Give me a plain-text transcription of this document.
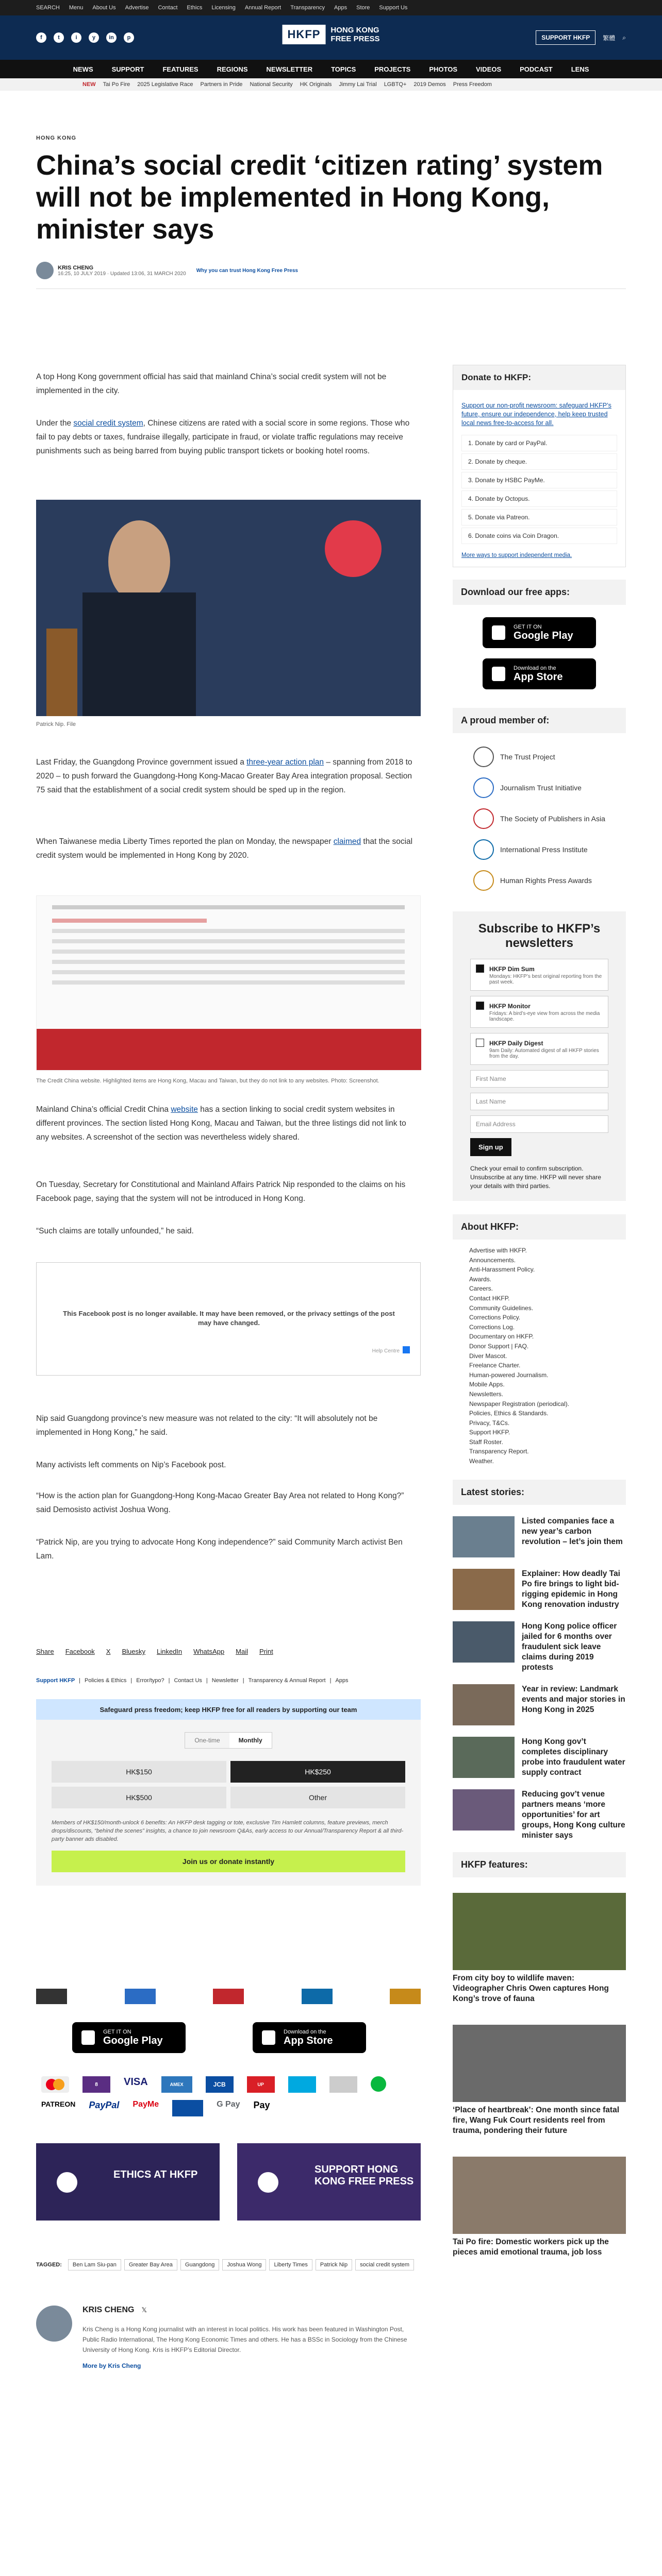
SEARCH Menu About Us Advertise Contact Ethics Licensing Annual Report Transparency Apps Store Support Us
f	t	i	y	in	p	HKFP	HONG KONG
FREE PRESS	SUPPORT HKFP	繁體 ⌕
NEWS	SUPPORT	FEATURES	REGIONS	NEWSLETTER	TOPICS	PROJECTS	PHOTOS	VIDEOS	PODCAST	LENS
NEW Tai Po Fire 2025 Legislative Race Partners in Pride National Security HK Originals Jimmy Lai Trial LGBTQ+ 2019 Demos Press Freedom
HONG KONG
China’s social credit ‘citizen rating’ system will not be implemented in Hong Kong, minister says
KRIS CHENG
16:25, 10 JULY 2019 · Updated 13:06, 31 MARCH 2020
Why you can trust Hong Kong Free Press

A top Hong Kong government official has said that mainland China’s social credit system will not be implemented in the city.

Under the social credit system, Chinese citizens are rated with a social score in some regions. Those who fail to pay debts or taxes, fundraise illegally, participate in fraud, or violate traffic regulations may receive punishments such as being barred from buying public transport tickets or booking hotel rooms.

Patrick Nip. File

Last Friday, the Guangdong Province government issued a three-year action plan – spanning from 2018 to 2020 – to push forward the Guangdong-Hong Kong-Macao Greater Bay Area integration proposal. Section 75 said that the establishment of a social credit system should be sped up in the region.

When Taiwanese media Liberty Times reported the plan on Monday, the newspaper claimed that the social credit system would be implemented in Hong Kong by 2020.

The Credit China website. Highlighted items are Hong Kong, Macau and Taiwan, but they do not link to any websites. Photo: Screenshot.

Mainland China’s official Credit China website has a section linking to social credit system websites in different provinces. The section listed Hong Kong, Macau and Taiwan, but the three listings did not link to any websites. A screenshot of the section was nevertheless widely shared.

On Tuesday, Secretary for Constitutional and Mainland Affairs Patrick Nip responded to the claims on his Facebook page, saying that the system will not be introduced in Hong Kong.

“Such claims are totally unfounded,” he said.

This Facebook post is no longer available. It may have been removed, or the privacy settings of the post may have changed.
Help Centre

Nip said Guangdong province’s new measure was not related to the city: “It will absolutely not be implemented in Hong Kong,” he said.

Many activists left comments on Nip’s Facebook post.

“How is the action plan for Guangdong-Hong Kong-Macao Greater Bay Area not related to Hong Kong?” said Demosisto activist Joshua Wong.

“Patrick Nip, are you trying to advocate Hong Kong independence?” said Community March activist Ben Lam.

Share Facebook X Bluesky LinkedIn WhatsApp Mail Print
Support HKFP | Policies & Ethics | Error/typo? | Contact Us | Newsletter | Transparency & Annual Report | Apps
Safeguard press freedom; keep HKFP free for all readers by supporting our team
One-time	Monthly
HK$150	HK$250
HK$500	Other

Members of HK$150/month-unlock 6 benefits: An HKFP desk tagging or tote, exclusive Tim Hamlett columns, feature previews, merch drops/discounts, “behind the scenes” insights, a chance to join newsroom Q&As, early access to our Annual/Transparency Report & all third-party banner ads disabled.

Join us or donate instantly
GET IT ON
Google Play
Download on the
App Store
8	VISA	AMEX	JCB	UP
PATREON PayPal PayMe	G Pay Pay
ETHICS AT HKFP	SUPPORT HONG KONG FREE PRESS
TAGGED:	Ben Lam Siu-pan	Greater Bay Area	Guangdong	Joshua Wong	Liberty Times	Patrick Nip	social credit system
KRIS CHENG 𝕏

Kris Cheng is a Hong Kong journalist with an interest in local politics. His work has been featured in Washington Post, Public Radio International, The Hong Kong Economic Times and others. He has a BSSc in Sociology from the Chinese University of Hong Kong. Kris is HKFP’s Editorial Director.

More by Kris Cheng
Donate to HKFP:

Support our non-profit newsroom: safeguard HKFP’s future, ensure our independence, help keep trusted local news free-to-access for all.

1. Donate by card or PayPal.
2. Donate by cheque.
3. Donate by HSBC PayMe.
4. Donate by Octopus.
5. Donate via Patreon.
6. Donate coins via Coin Dragon.
More ways to support independent media.
Download our free apps:
GET IT ON
Google Play
Download on the
App Store
A proud member of:
The Trust Project
Journalism Trust Initiative
The Society of Publishers in Asia
International Press Institute
Human Rights Press Awards
Subscribe to HKFP’s newsletters
HKFP Dim Sum

Mondays: HKFP’s best original reporting from the past week.

HKFP Monitor

Fridays: A bird’s-eye view from across the media landscape.

HKFP Daily Digest

9am Daily: Automated digest of all HKFP stories from the day.

First Name
Last Name
Email Address
Sign up

Check your email to confirm subscription. Unsubscribe at any time. HKFP will never share your details with third parties.

About HKFP:
Advertise with HKFP.
Announcements.
Anti-Harassment Policy.
Awards.
Careers.
Contact HKFP.
Community Guidelines.
Corrections Policy.
Corrections Log.
Documentary on HKFP.
Donor Support | FAQ.
Diver Mascot.
Freelance Charter.
Human-powered Journalism.
Mobile Apps.
Newsletters.
Newspaper Registration (periodical).
Policies, Ethics & Standards.
Privacy, T&Cs.
Support HKFP.
Staff Roster.
Transparency Report.
Weather.
Latest stories:

Listed companies face a new year’s carbon revolution – let’s join them

Explainer: How deadly Tai Po fire brings to light bid-rigging epidemic in Hong Kong renovation industry

Hong Kong police officer jailed for 6 months over fraudulent sick leave claims during 2019 protests

Year in review: Landmark events and major stories in Hong Kong in 2025

Hong Kong gov’t completes disciplinary probe into fraudulent water supply contract

Reducing gov’t venue partners means ‘more opportunities’ for art groups, Hong Kong culture minister says

HKFP features:

From city boy to wildlife maven: Videographer Chris Owen captures Hong Kong’s trove of fauna

‘Place of heartbreak’: One month since fatal fire, Wang Fuk Court residents reel from trauma, pondering their future

Tai Po fire: Domestic workers pick up the pieces amid emotional trauma, job loss
